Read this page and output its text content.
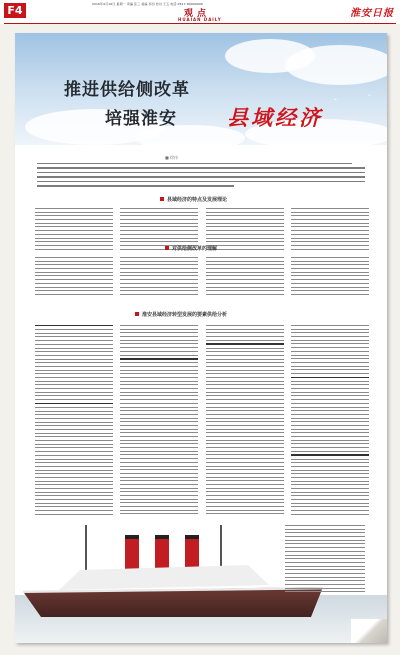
F4	2016年9月16日 星期一 责编 张三 美编 李四 校对 王五 电话:0517-80999999
观点
HUAIAN DAILY
淮安日报
⌄
⌄
⌄
推进供给侧改革
培强淮安 县域经济
■ 徐伟
县域经济的特点及发展理论
对供给侧改革的理解
淮安县域经济转型发展的要素供给分析
